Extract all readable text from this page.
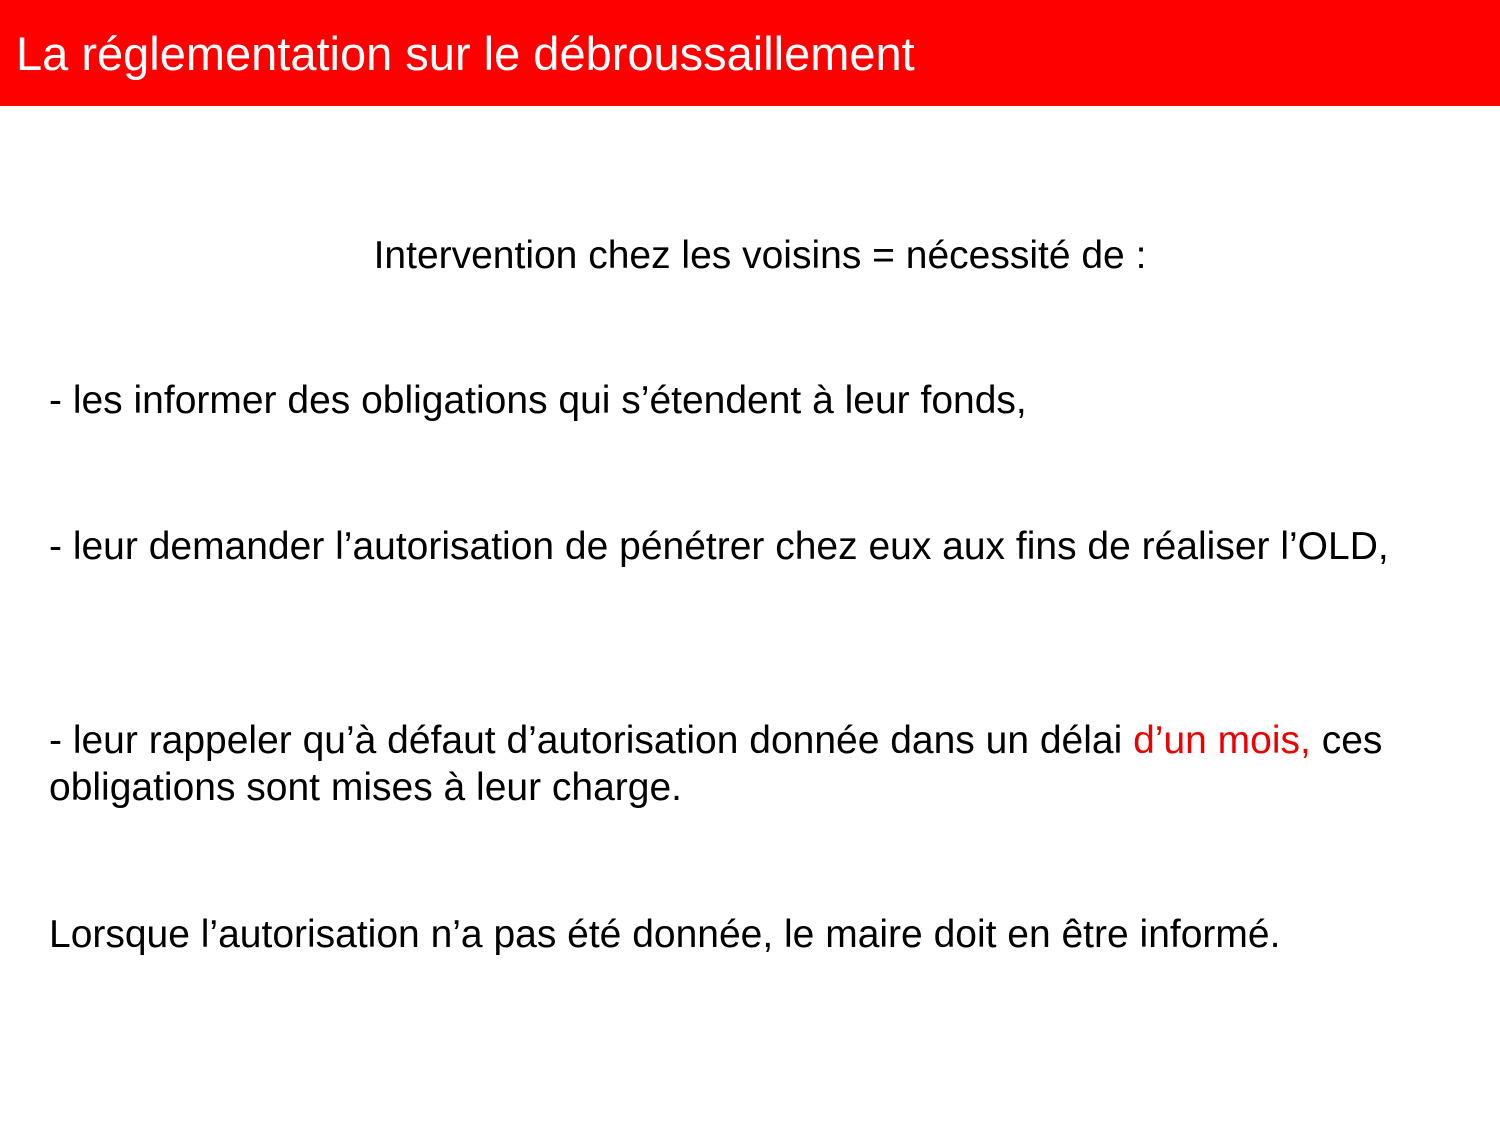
La réglementation sur le débroussaillement
Intervention chez les voisins = nécessité de :
- les informer des obligations qui s’étendent à leur fonds,
- leur demander l’autorisation de pénétrer chez eux aux fins de réaliser l’OLD,
- leur rappeler qu’à défaut d’autorisation donnée dans un délai d’un mois, ces obligations sont mises à leur charge.
Lorsque l’autorisation n’a pas été donnée, le maire doit en être informé.
